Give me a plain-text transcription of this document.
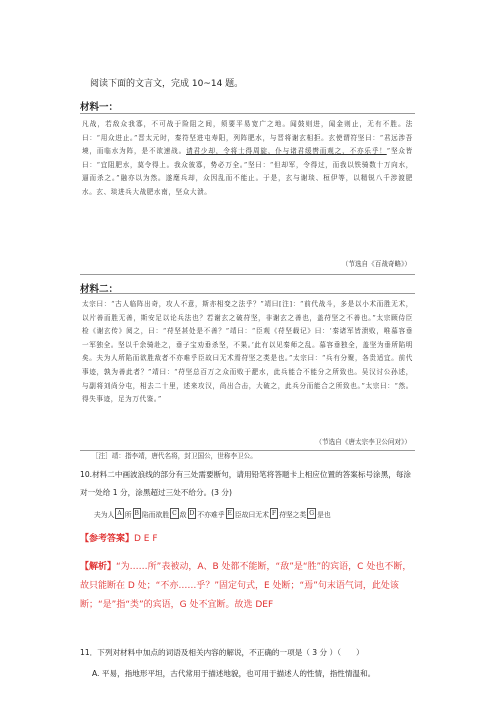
阅读下面的文言文，完成 10~14 题。
材料一：
凡战，若敌众我寡，不可战于险阻之间，须要平易宽广之地。闻鼓则进，闻金则止，无有不胜。法曰：“用众进止。”晋太元时，秦符坚进屯寿阳，列阵肥水，与晋将谢玄相拒。玄使谓符坚曰：“君远涉吾境，而临水为阵，是不欲速战。请君少却，令将士得周旋，仆与诸君缓辔而观之，不亦乐乎！”坚众皆曰：“宜阻肥水，莫令得上。我众彼寡，势必万全。”坚曰：“但却军，令得过，而我以铁骑数十万向水，逼而杀之。”融亦以为然。遂麾兵却，众因乱而不能止。于是，玄与谢琰、桓伊等，以精锐八千涉渡肥水。玄、琰进兵大战肥水南，坚众大溃。
（节选自《百战奇略》）
材料二：
太宗曰：“古人临阵出奇，攻人不意，斯亦相变之法乎？”靖曰[注]：“前代战斗，多是以小术而胜无术，以片善而胜无善，斯安足以论兵法也？若谢玄之破苻坚，非谢玄之善也，盖苻坚之不善也。”太宗顾侍臣检《谢玄传》阅之，曰：“苻坚甚处是不善？”靖曰：“臣观《苻坚载记》曰：‘秦诸军皆溃败，唯慕容垂一军独全。坚以千余骑赴之，垂子宝劝垂杀坚，不果。’此有以见秦师之乱。慕容垂独全，盖坚为垂所陷明矣。夫为人所陷而欲胜敌者不亦难乎臣故曰无术焉苻坚之类是也。”太宗曰：“兵有分聚，各贵适宜。前代事迹，孰为善此者？”靖曰：“苻坚总百万之众而败于淝水，此兵能合不能分之所致也。吴汉讨公孙述，与副将刘尚分屯，相去二十里，述来攻汉，尚出合击，大破之，此兵分而能合之所致也。”太宗曰：“然。得失事迹，足为万代鉴。”
（节选自《唐太宗李卫公问对》）
［注］靖：指李靖，唐代名将，封卫国公，世称李卫公。
10.材料二中画波浪线的部分有三处需要断句，请用铅笔将答题卡上相应位置的答案标号涂黑，每涂对一处给 1 分，涂黑超过三处不给分。(3 分)
夫为人 A 所 B 陷而欲胜 C 敌 D 不亦难乎 E 臣故曰无术 F 苻坚之类 G 是也
【参考答案】D E F
【解析】“为……所”表被动，A、B 处都不能断，“敌”是“胜”的宾语，C 处也不断，故只能断在 D 处；“不亦……乎？”固定句式，E 处断；“焉”句末语气词，此处该断；“是”指“类”的宾语，G 处不宜断。故选 DEF
11．下列对材料中加点的词语及相关内容的解说，不正确的一项是（ 3 分 ）（　　）
A. 平易，指地形平坦，古代常用于描述地貌，也可用于描述人的性情，指性情温和。
